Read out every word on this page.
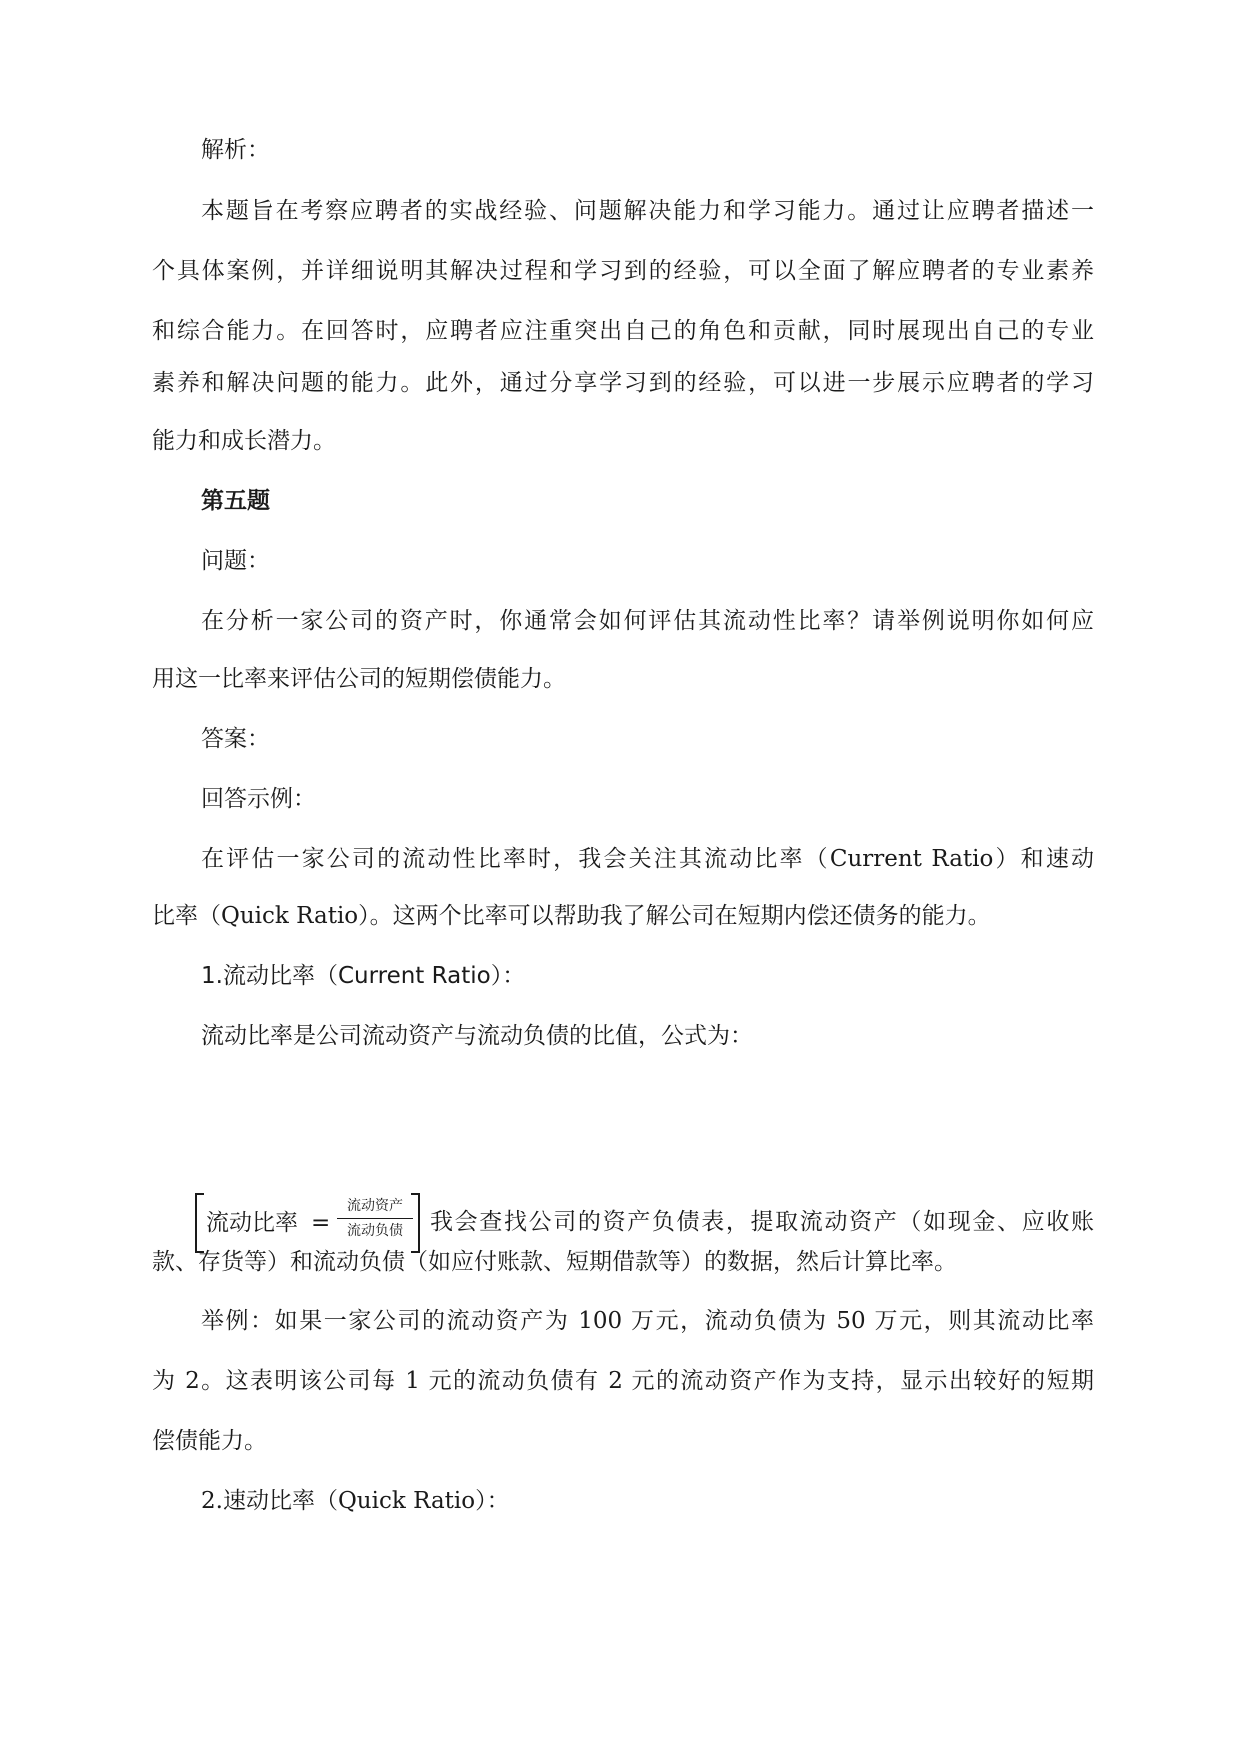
解析：
本题旨在考察应聘者的实战经验、问题解决能力和学习能力。通过让应聘者描述一
个具体案例，并详细说明其解决过程和学习到的经验，可以全面了解应聘者的专业素养
和综合能力。在回答时，应聘者应注重突出自己的角色和贡献，同时展现出自己的专业
素养和解决问题的能力。此外，通过分享学习到的经验，可以进一步展示应聘者的学习
能力和成长潜力。
第五题
问题：
在分析一家公司的资产时，你通常会如何评估其流动性比率？请举例说明你如何应
用这一比率来评估公司的短期偿债能力。
答案：
回答示例：
在评估一家公司的流动性比率时，我会关注其流动比率（Current Ratio）和速动
比率（Quick Ratio）。这两个比率可以帮助我了解公司在短期内偿还债务的能力。
1.流动比率（Current Ratio）：
流动比率是公司流动资产与流动负债的比值，公式为：
流动比率 =
流动资产
流动负债	我会查找公司的资产负债表，提取流动资产（如现金、应收账
款、存货等）和流动负债（如应付账款、短期借款等）的数据，然后计算比率。
举例：如果一家公司的流动资产为 100 万元，流动负债为 50 万元，则其流动比率
为 2。这表明该公司每 1 元的流动负债有 2 元的流动资产作为支持，显示出较好的短期
偿债能力。
2.速动比率（Quick Ratio）：
